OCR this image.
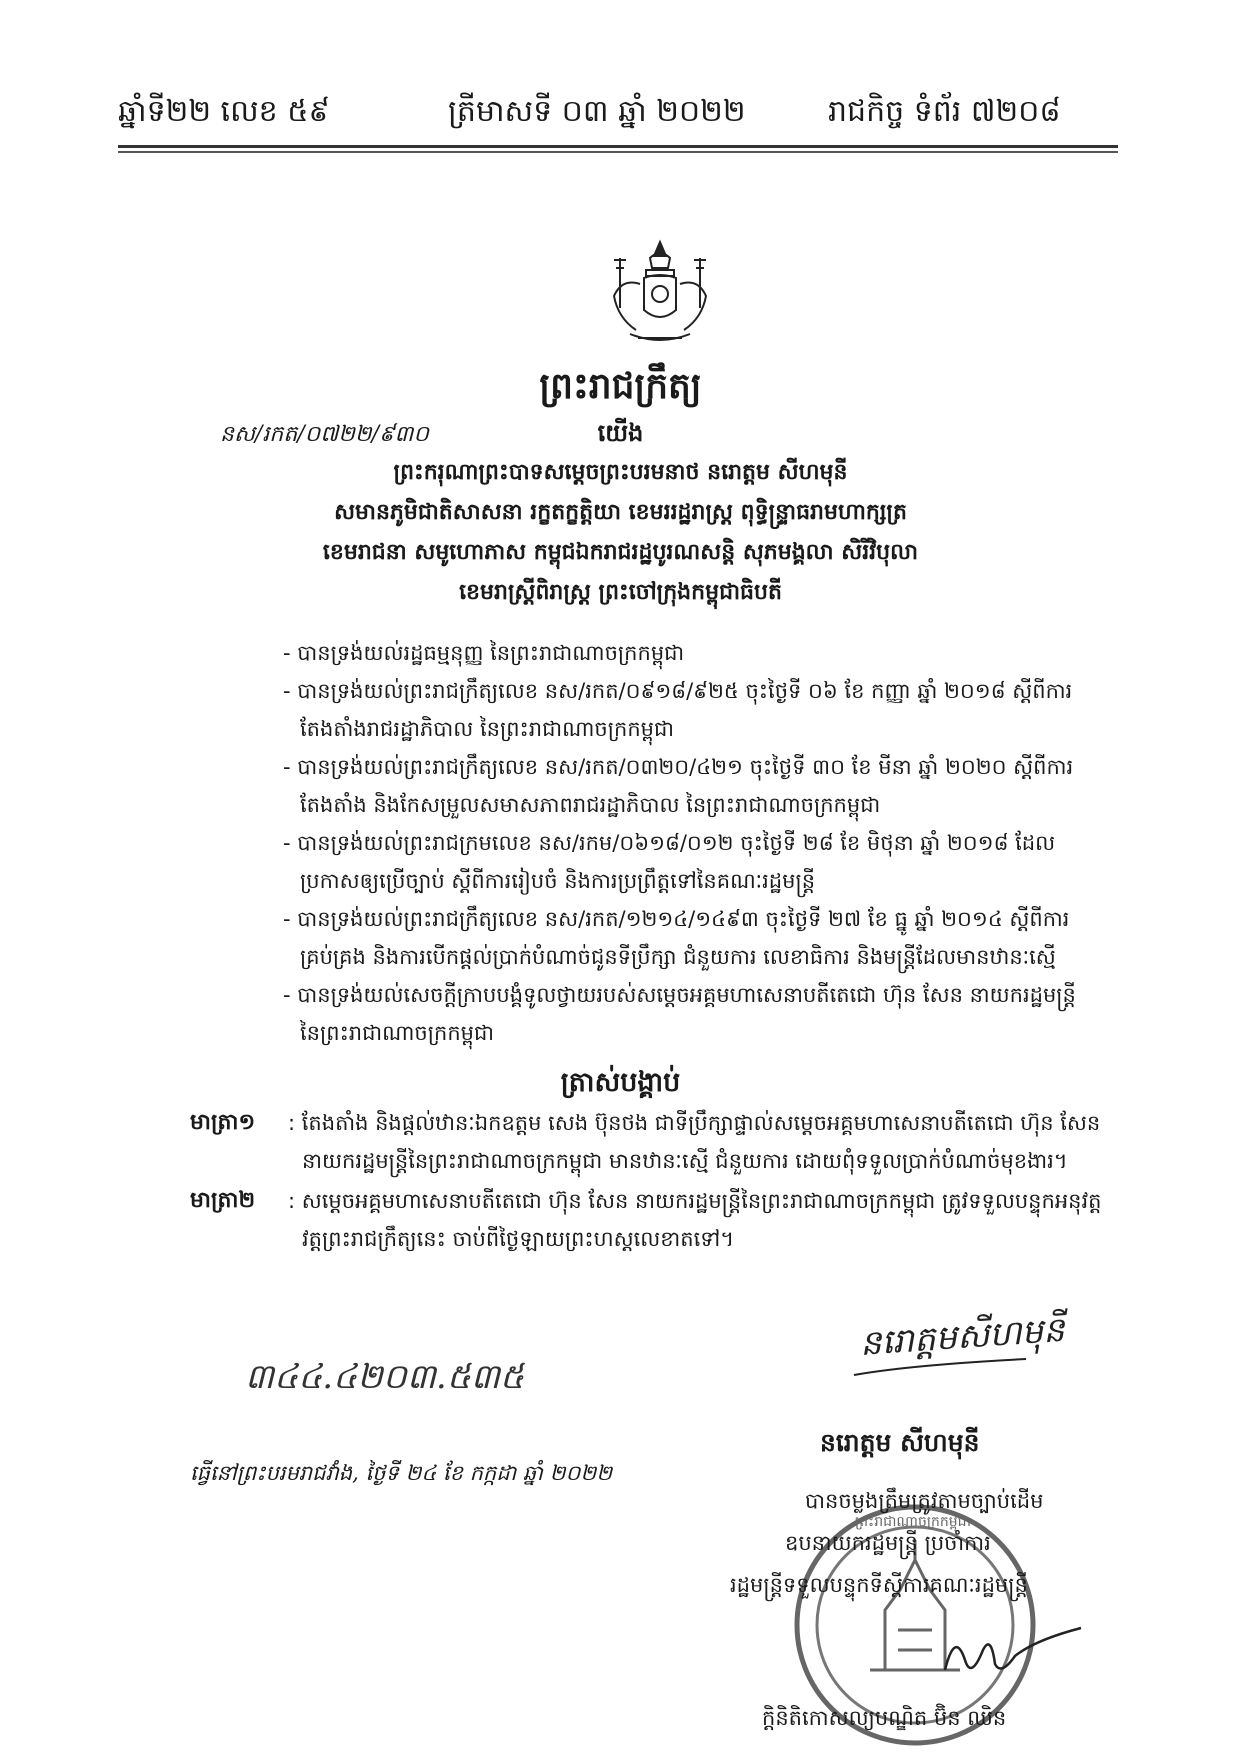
ឆ្នាំទី២២ លេខ ៥៩	ត្រីមាសទី ០៣ ឆ្នាំ ២០២២	រាជកិច្ច ទំព័រ ៧២០៨
ព្រះរាជក្រឹត្យ
នស/រកត/០៧២២/៩៣០	យើង
ព្រះករុណាព្រះបាទសម្តេចព្រះបរមនាថ នរោត្តម សីហមុនី
សមានភូមិជាតិសាសនា រក្ខតក្ខត្តិយា ខេមររដ្ឋរាស្ត្រ ពុទ្ធិន្ទ្រាធរាមហាក្សត្រ
ខេមរាជនា សមូហោភាស កម្ពុជឯករាជរដ្ឋបូរណសន្តិ សុភមង្គលា សិរីវិបុលា
ខេមរាស្ត្រីពិរាស្ត្រ ព្រះចៅក្រុងកម្ពុជាធិបតី
- បានទ្រង់យល់រដ្ឋធម្មនុញ្ញ នៃព្រះរាជាណាចក្រកម្ពុជា
- បានទ្រង់យល់ព្រះរាជក្រឹត្យលេខ នស/រកត/០៩១៨/៩២៥ ចុះថ្ងៃទី ០៦ ខែ កញ្ញា ឆ្នាំ ២០១៨ ស្តីពីការ
តែងតាំងរាជរដ្ឋាភិបាល នៃព្រះរាជាណាចក្រកម្ពុជា
- បានទ្រង់យល់ព្រះរាជក្រឹត្យលេខ នស/រកត/០៣២០/៤២១ ចុះថ្ងៃទី ៣០ ខែ មីនា ឆ្នាំ ២០២០ ស្តីពីការ
តែងតាំង និងកែសម្រួលសមាសភាពរាជរដ្ឋាភិបាល នៃព្រះរាជាណាចក្រកម្ពុជា
- បានទ្រង់យល់ព្រះរាជក្រមលេខ នស/រកម/០៦១៨/០១២ ចុះថ្ងៃទី ២៨ ខែ មិថុនា ឆ្នាំ ២០១៨ ដែល
ប្រកាសឲ្យប្រើច្បាប់ ស្តីពីការរៀបចំ និងការប្រព្រឹត្តទៅនៃគណៈរដ្ឋមន្ត្រី
- បានទ្រង់យល់ព្រះរាជក្រឹត្យលេខ នស/រកត/១២១៤/១៤៩៣ ចុះថ្ងៃទី ២៧ ខែ ធ្នូ ឆ្នាំ ២០១៤ ស្តីពីការ
គ្រប់គ្រង និងការបើកផ្តល់ប្រាក់បំណាច់ជូនទីប្រឹក្សា ជំនួយការ លេខាធិការ និងមន្ត្រីដែលមានឋានៈស្មើ
- បានទ្រង់យល់សេចក្តីក្រាបបង្គំទូលថ្វាយរបស់សម្តេចអគ្គមហាសេនាបតីតេជោ ហ៊ុន សែន នាយករដ្ឋមន្ត្រី
នៃព្រះរាជាណាចក្រកម្ពុជា
ត្រាស់បង្គាប់
មាត្រា១ : តែងតាំង និងផ្តល់ឋានៈឯកឧត្តម សេង ប៊ុនថង ជាទីប្រឹក្សាផ្ទាល់សម្តេចអគ្គមហាសេនាបតីតេជោ ហ៊ុន សែន
នាយករដ្ឋមន្ត្រីនៃព្រះរាជាណាចក្រកម្ពុជា មានឋានៈស្មើ ជំនួយការ ដោយពុំទទួលប្រាក់បំណាច់មុខងារ។
មាត្រា២ : សម្តេចអគ្គមហាសេនាបតីតេជោ ហ៊ុន សែន នាយករដ្ឋមន្ត្រីនៃព្រះរាជាណាចក្រកម្ពុជា ត្រូវទទួលបន្ទុកអនុវត្ត
វត្តព្រះរាជក្រឹត្យនេះ ចាប់ពីថ្ងៃឡាយព្រះហស្តលេខាតទៅ។
៣៤៤.៤២០៣.៥៣៥
នរោត្តមសីហមុនី
នរោត្តម សីហមុនី
ធ្វើនៅព្រះបរមរាជវាំង, ថ្ងៃទី ២៤ ខែ កក្កដា ឆ្នាំ ២០២២
បានចម្លងត្រឹមត្រូវតាមច្បាប់ដើម
ឧបនាយករដ្ឋមន្ត្រី ប្រចាំការ
រដ្ឋមន្ត្រីទទួលបន្ទុកទីស្តីការគណៈរដ្ឋមន្ត្រី
ព្រះរាជាណាចក្រកម្ពុជា
ក្តិនិតិកោសល្យបណ្ឌិត ប៊ិន ឈិន
